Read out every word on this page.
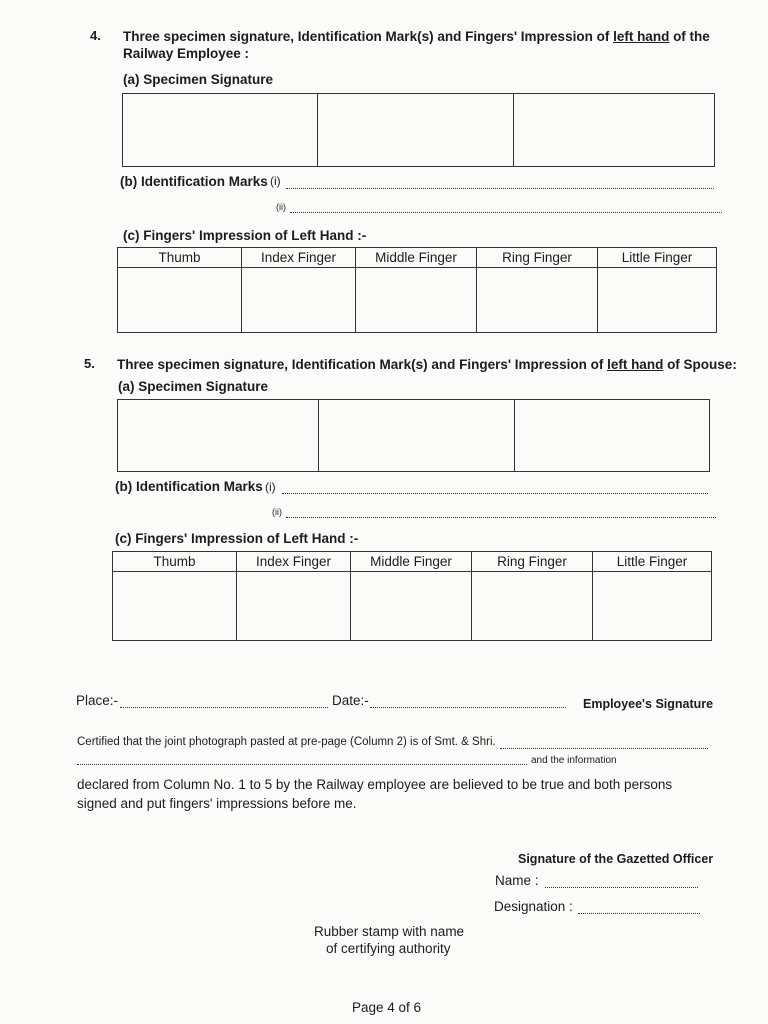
4. Three specimen signature, Identification Mark(s) and Fingers' Impression of left hand of the Railway Employee :
(a) Specimen Signature

(b) Identification Marks (i)
(ii)
(c) Fingers' Impression of Left Hand :-
Thumb	Index Finger	Middle Finger	Ring Finger	Little Finger

5. Three specimen signature, Identification Mark(s) and Fingers' Impression of left hand of Spouse:
(a) Specimen Signature

(b) Identification Marks (i)
(ii)
(c) Fingers' Impression of Left Hand :-
Thumb	Index Finger	Middle Finger	Ring Finger	Little Finger

Place:-	Date:-	Employee's Signature
Certified that the joint photograph pasted at pre-page (Column 2) is of Smt. & Shri.
and the information
declared from Column No. 1 to 5 by the Railway employee are believed to be true and both persons
signed and put fingers' impressions before me.
Signature of the Gazetted Officer
Name :
Designation :
Rubber stamp with name
of certifying authority
Page 4 of 6
